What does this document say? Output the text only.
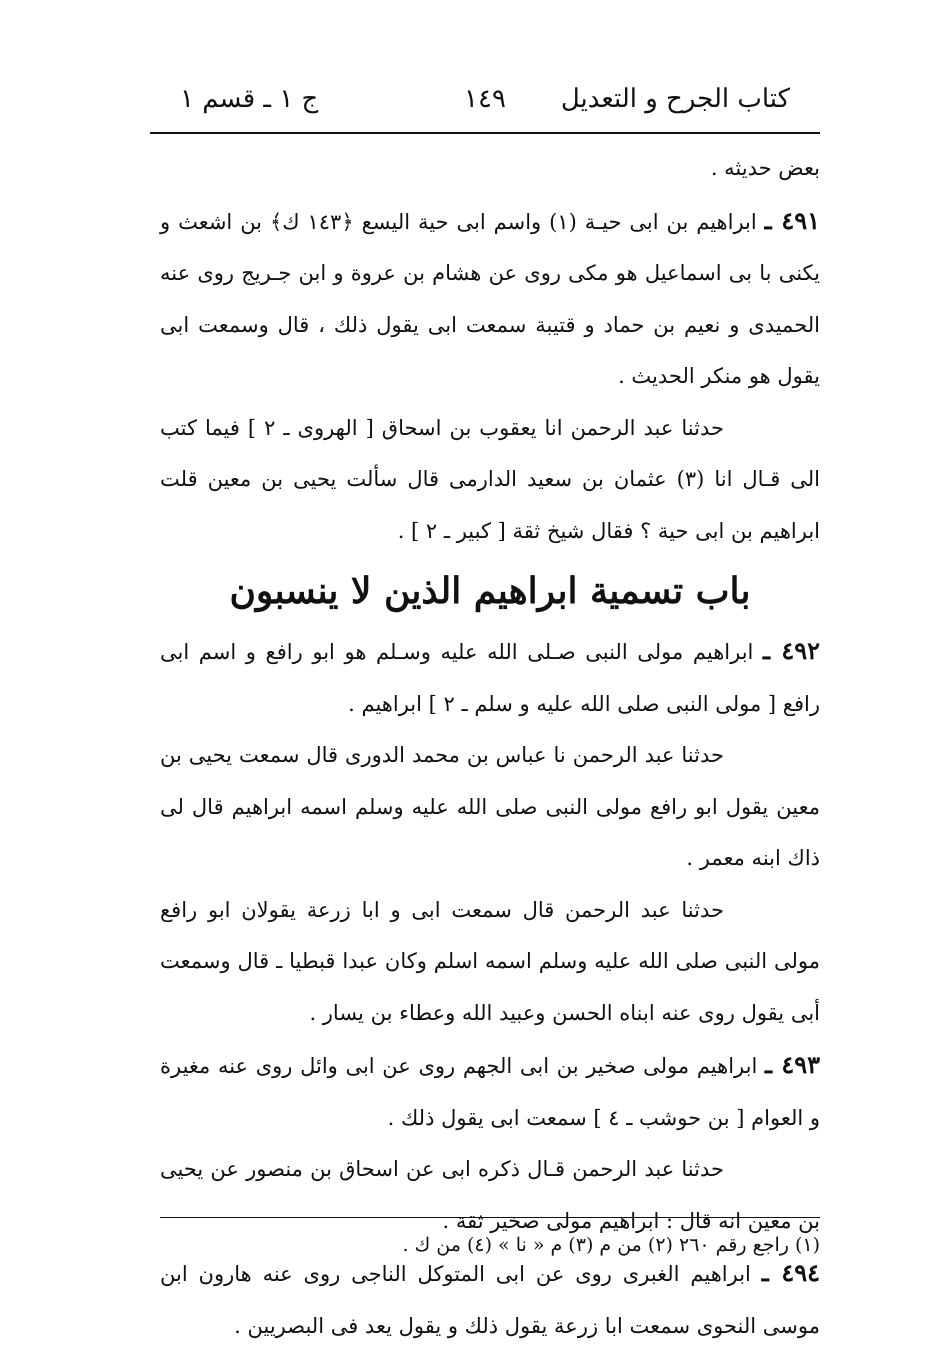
كتاب الجرح و التعديل
١٤٩
ج ١ ـ قسم ١

بعض حديثه .

٤٩١ ـ ابراهيم بن ابى حيـة (١) واسم ابى حية اليسع ﴿١٤٣ ك﴾ بن اشعث و يكنى با بى اسماعيل هو مكى روى عن هشام بن عروة و ابن جـريج روى عنه الحميدى و نعيم بن حماد و قتيبة سمعت ابى يقول ذلك ، قال وسمعت ابى يقول هو منكر الحديث .

حدثنا عبد الرحمن انا يعقوب بن اسحاق [ الهروى ـ ٢ ] فيما كتب الى قـال انا (٣) عثمان بن سعيد الدارمى قال سألت يحيى بن معين قلت ابراهيم بن ابى حية ؟ فقال شيخ ثقة [ كبير ـ ٢ ] .

باب تسمية ابراهيم الذين لا ينسبون

٤٩٢ ـ ابراهيم مولى النبى صـلى الله عليه وسـلم هو ابو رافع و اسم ابى رافع [ مولى النبى صلى الله عليه و سلم ـ ٢ ] ابراهيم .

حدثنا عبد الرحمن نا عباس بن محمد الدورى قال سمعت يحيى بن معين يقول ابو رافع مولى النبى صلى الله عليه وسلم اسمه ابراهيم قال لى ذاك ابنه معمر .

حدثنا عبد الرحمن قال سمعت ابى و ابا زرعة يقولان ابو رافع مولى النبى صلى الله عليه وسلم اسمه اسلم وكان عبدا قبطيا ـ قال وسمعت أبى يقول روى عنه ابناه الحسن وعبيد الله وعطاء بن يسار .

٤٩٣ ـ ابراهيم مولى صخير بن ابى الجهم روى عن ابى وائل روى عنه مغيرة و العوام [ بن حوشب ـ ٤ ] سمعت ابى يقول ذلك .

حدثنا عبد الرحمن قـال ذكره ابى عن اسحاق بن منصور عن يحيى بن معين انه قال : ابراهيم مولى صخير ثقة .

٤٩٤ ـ ابراهيم الغبرى روى عن ابى المتوكل الناجى روى عنه هارون ابن موسى النحوى سمعت ابا زرعة يقول ذلك و يقول يعد فى البصريين .

(١) راجع رقم ٢٦٠ (٢) من م (٣) م « نا » (٤) من ك .
